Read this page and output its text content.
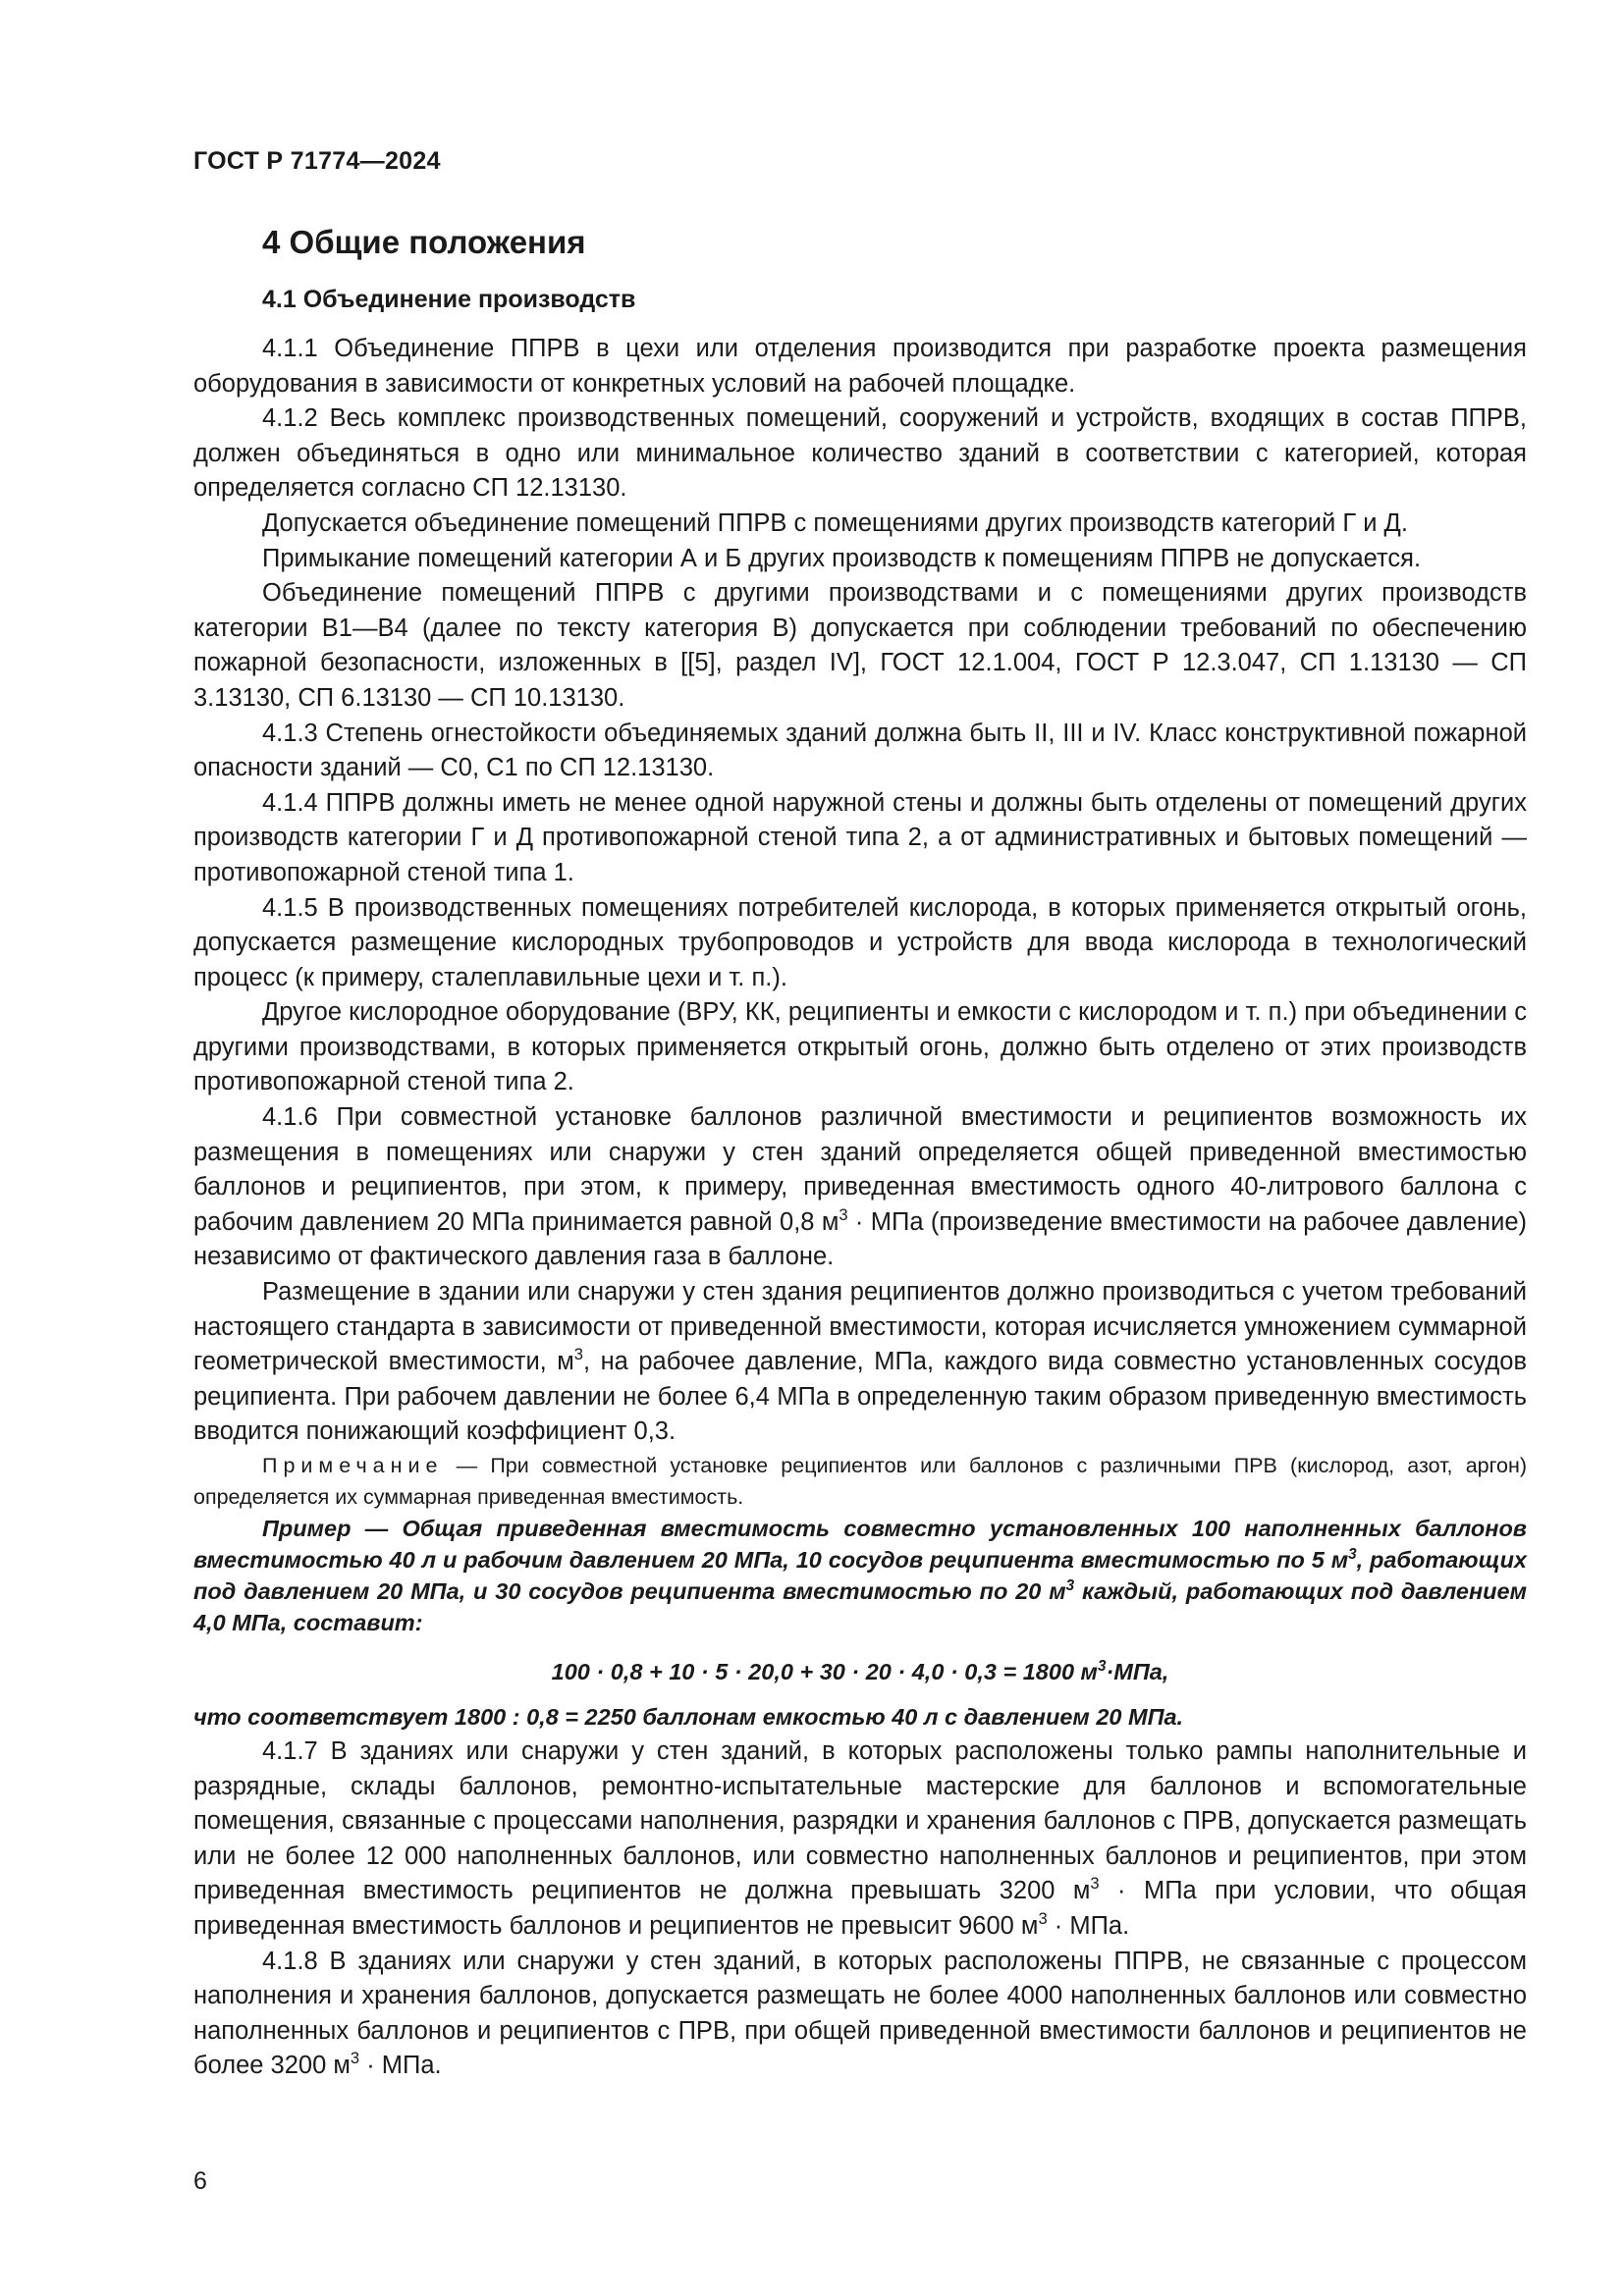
ГОСТ Р 71774—2024
4 Общие положения
4.1 Объединение производств

4.1.1 Объединение ППРВ в цехи или отделения производится при разработке проекта размещения оборудования в зависимости от конкретных условий на рабочей площадке.

4.1.2 Весь комплекс производственных помещений, сооружений и устройств, входящих в состав ППРВ, должен объединяться в одно или минимальное количество зданий в соответствии с категорией, которая определяется согласно СП 12.13130.

Допускается объединение помещений ППРВ с помещениями других производств категорий Г и Д.

Примыкание помещений категории А и Б других производств к помещениям ППРВ не допускается.

Объединение помещений ППРВ с другими производствами и с помещениями других производств категории В1—В4 (далее по тексту категория В) допускается при соблюдении требований по обеспечению пожарной безопасности, изложенных в [[5], раздел IV], ГОСТ 12.1.004, ГОСТ Р 12.3.047, СП 1.13130 — СП 3.13130, СП 6.13130 — СП 10.13130.

4.1.3 Степень огнестойкости объединяемых зданий должна быть II, III и IV. Класс конструктивной пожарной опасности зданий — С0, С1 по СП 12.13130.

4.1.4 ППРВ должны иметь не менее одной наружной стены и должны быть отделены от помещений других производств категории Г и Д противопожарной стеной типа 2, а от административных и бытовых помещений — противопожарной стеной типа 1.

4.1.5 В производственных помещениях потребителей кислорода, в которых применяется открытый огонь, допускается размещение кислородных трубопроводов и устройств для ввода кислорода в технологический процесс (к примеру, сталеплавильные цехи и т. п.).

Другое кислородное оборудование (ВРУ, КК, реципиенты и емкости с кислородом и т. п.) при объединении с другими производствами, в которых применяется открытый огонь, должно быть отделено от этих производств противопожарной стеной типа 2.

4.1.6 При совместной установке баллонов различной вместимости и реципиентов возможность их размещения в помещениях или снаружи у стен зданий определяется общей приведенной вместимостью баллонов и реципиентов, при этом, к примеру, приведенная вместимость одного 40-литрового баллона с рабочим давлением 20 МПа принимается равной 0,8 $м^3$ · МПа (произведение вместимости на рабочее давление) независимо от фактического давления газа в баллоне.

Размещение в здании или снаружи у стен здания реципиентов должно производиться с учетом требований настоящего стандарта в зависимости от приведенной вместимости, которая исчисляется умножением суммарной геометрической вместимости, $м^3$, на рабочее давление, МПа, каждого вида совместно установленных сосудов реципиента. При рабочем давлении не более 6,4 МПа в определенную таким образом приведенную вместимость вводится понижающий коэффициент 0,3.

Примечание — При совместной установке реципиентов или баллонов с различными ПРВ (кислород, азот, аргон) определяется их суммарная приведенная вместимость.

Пример — Общая приведенная вместимость совместно установленных 100 наполненных баллонов вместимостью 40 л и рабочим давлением 20 МПа, 10 сосудов реципиента вместимостью по 5 $м^3$, работающих под давлением 20 МПа, и 30 сосудов реципиента вместимостью по 20 $м^3$ каждый, работающих под давлением 4,0 МПа, составит:

100 · 0,8 + 10 · 5 · 20,0 + 30 · 20 · 4,0 · 0,3 = 1800 $м^3\cdot МПа$,
что соответствует 1800 : 0,8 = 2250 баллонам емкостью 40 л с давлением 20 МПа.

4.1.7 В зданиях или снаружи у стен зданий, в которых расположены только рампы наполнительные и разрядные, склады баллонов, ремонтно-испытательные мастерские для баллонов и вспомогательные помещения, связанные с процессами наполнения, разрядки и хранения баллонов с ПРВ, допускается размещать или не более 12 000 наполненных баллонов, или совместно наполненных баллонов и реципиентов, при этом приведенная вместимость реципиентов не должна превышать 3200 $м^3$ · МПа при условии, что общая приведенная вместимость баллонов и реципиентов не превысит 9600 $м^3$ · МПа.

4.1.8 В зданиях или снаружи у стен зданий, в которых расположены ППРВ, не связанные с процессом наполнения и хранения баллонов, допускается размещать не более 4000 наполненных баллонов или совместно наполненных баллонов и реципиентов с ПРВ, при общей приведенной вместимости баллонов и реципиентов не более 3200 $м^3$ · МПа.

6
